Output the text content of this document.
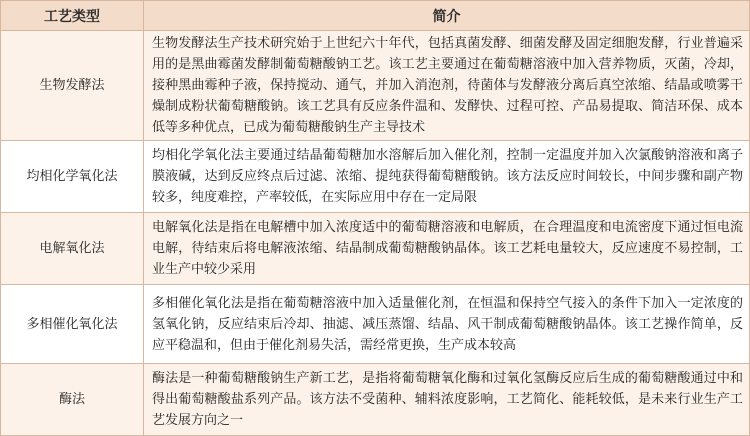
工艺类型	简介
生物发酵法	生物发酵法生产技术研究始于上世纪六十年代，包括真菌发酵、细菌发酵及固定细胞发酵，行业普遍采用的是黑曲霉菌发酵制葡萄糖酸钠工艺。该工艺主要通过在葡萄糖溶液中加入营养物质，灭菌，冷却，接种黑曲霉种子液，保持搅动、通气，并加入消泡剂，待菌体与发酵液分离后真空浓缩、结晶或喷雾干燥制成粉状葡萄糖酸钠。该工艺具有反应条件温和、发酵快、过程可控、产品易提取、简洁环保、成本低等多种优点，已成为葡萄糖酸钠生产主导技术
均相化学氧化法	均相化学氧化法主要通过结晶葡萄糖加水溶解后加入催化剂，控制一定温度并加入次氯酸钠溶液和离子膜液碱，达到反应终点后过滤、浓缩、提纯获得葡萄糖酸钠。该方法反应时间较长，中间步骤和副产物较多，纯度难控，产率较低，在实际应用中存在一定局限
电解氧化法	电解氧化法是指在电解槽中加入浓度适中的葡萄糖溶液和电解质，在合理温度和电流密度下通过恒电流电解，待结束后将电解液浓缩、结晶制成葡萄糖酸钠晶体。该工艺耗电量较大，反应速度不易控制，工业生产中较少采用
多相催化氧化法	多相催化氧化法是指在葡萄糖溶液中加入适量催化剂，在恒温和保持空气接入的条件下加入一定浓度的氢氧化钠，反应结束后冷却、抽滤、减压蒸馏、结晶、风干制成葡萄糖酸钠晶体。该工艺操作简单，反应平稳温和，但由于催化剂易失活，需经常更换，生产成本较高
酶法	酶法是一种葡萄糖酸钠生产新工艺，是指将葡萄糖氧化酶和过氧化氢酶反应后生成的葡萄糖酸通过中和得出葡萄糖酸盐系列产品。该方法不受菌种、辅料浓度影响，工艺简化、能耗较低，是未来行业生产工艺发展方向之一
